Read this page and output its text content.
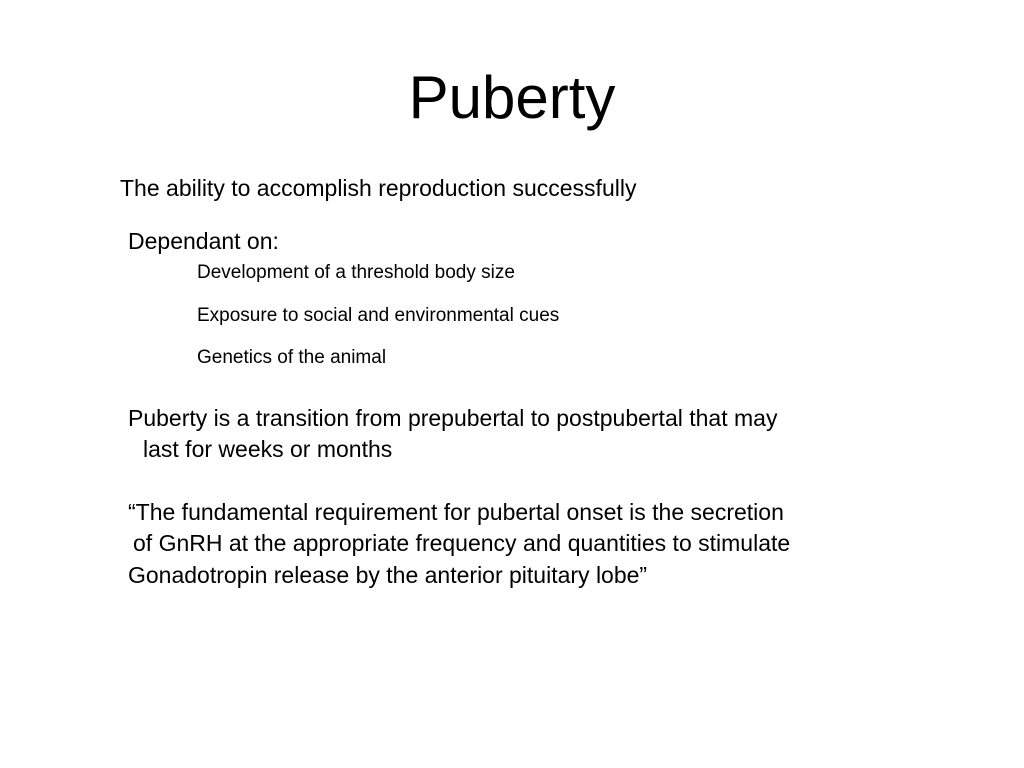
Puberty

The ability to accomplish reproduction successfully

Dependant on:

Development of a threshold body size

Exposure to social and environmental cues

Genetics of the animal

Puberty is a transition from prepubertal to postpubertal that may

last for weeks or months

“The fundamental requirement for pubertal onset is the secretion

of GnRH at the appropriate frequency and quantities to stimulate

Gonadotropin release by the anterior pituitary lobe”
